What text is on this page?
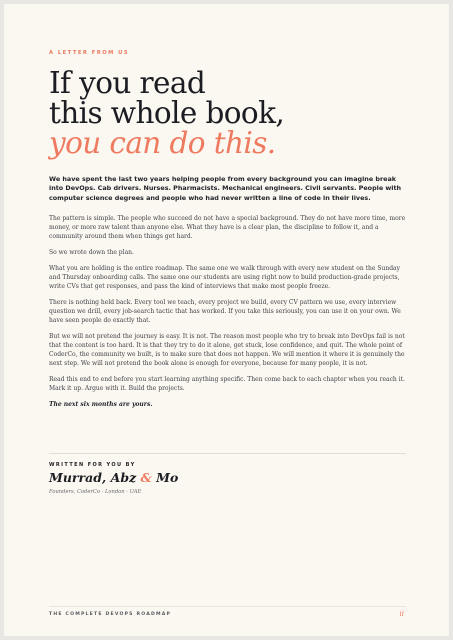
A LETTER FROM US
If you read
this whole book,
you can do this.
We have spent the last two years helping people from every background you can imagine break into DevOps. Cab drivers. Nurses. Pharmacists. Mechanical engineers. Civil servants. People with computer science degrees and people who had never written a line of code in their lives.

The pattern is simple. The people who succeed do not have a special background. They do not have more time, more money, or more raw talent than anyone else. What they have is a clear plan, the discipline to follow it, and a community around them when things get hard.

So we wrote down the plan.

What you are holding is the entire roadmap. The same one we walk through with every new student on the Sunday and Thursday onboarding calls. The same one our students are using right now to build production-grade projects, write CVs that get responses, and pass the kind of interviews that make most people freeze.

There is nothing held back. Every tool we teach, every project we build, every CV pattern we use, every interview question we drill, every job-search tactic that has worked. If you take this seriously, you can use it on your own. We have seen people do exactly that.

But we will not pretend the journey is easy. It is not. The reason most people who try to break into DevOps fail is not that the content is too hard. It is that they try to do it alone, get stuck, lose confidence, and quit. The whole point of CoderCo, the community we built, is to make sure that does not happen. We will mention it where it is genuinely the next step. We will not pretend the book alone is enough for everyone, because for many people, it is not.

Read this end to end before you start learning anything specific. Then come back to each chapter when you reach it. Mark it up. Argue with it. Build the projects.

The next six months are yours.

WRITTEN FOR YOU BY
Murrad, Abz & Mo
Founders, CoderCo · London · UAE
THE COMPLETE DEVOPS ROADMAP	ii
